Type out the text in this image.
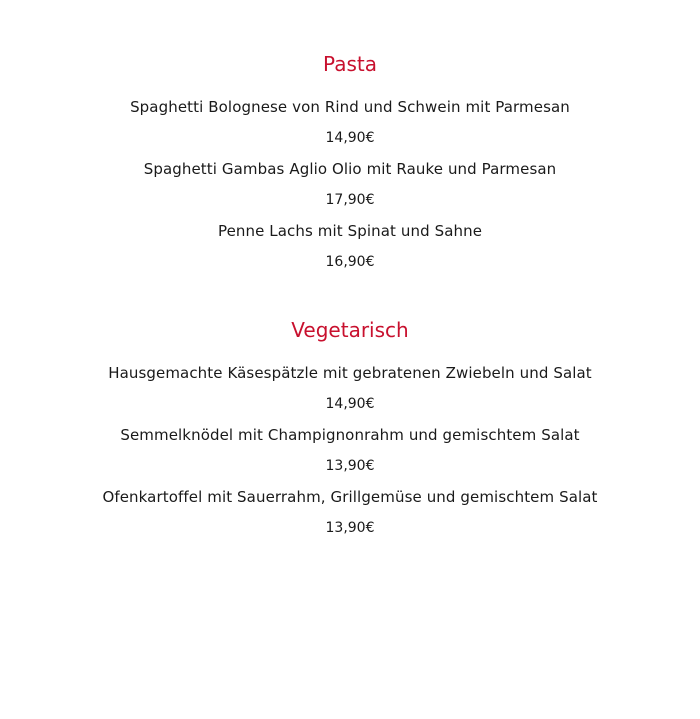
Pasta

Spaghetti Bolognese von Rind und Schwein mit Parmesan

14,90€

Spaghetti Gambas Aglio Olio mit Rauke und Parmesan

17,90€

Penne Lachs mit Spinat und Sahne

16,90€

Vegetarisch

Hausgemachte Käsespätzle mit gebratenen Zwiebeln und Salat

14,90€

Semmelknödel mit Champignonrahm und gemischtem Salat

13,90€

Ofenkartoffel mit Sauerrahm, Grillgemüse und gemischtem Salat

13,90€
